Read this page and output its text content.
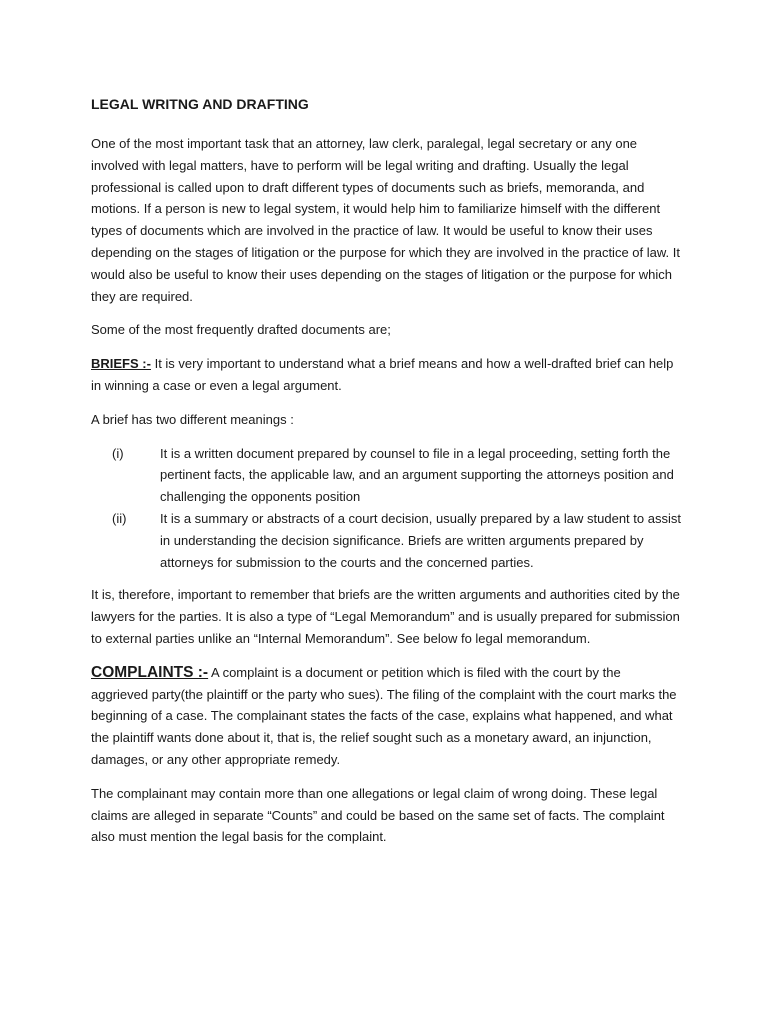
LEGAL WRITNG AND DRAFTING

One of the most important task that an attorney, law clerk, paralegal, legal secretary or any one involved with legal matters, have to perform will be legal writing and drafting. Usually the legal professional is called upon to draft different types of documents such as briefs, memoranda, and motions. If a person is new to legal system, it would help him to familiarize himself with the different types of documents which are involved in the practice of law. It would be useful to know their uses depending on the stages of litigation or the purpose for which they are involved in the practice of law. It would also be useful to know their uses depending on the stages of litigation or the purpose for which they are required.

Some of the most frequently drafted documents are;

BRIEFS :- It is very important to understand what a brief means and how a well-drafted brief can help in winning a case or even a legal argument.

A brief has two different meanings :

(i)	It is a written document prepared by counsel to file in a legal proceeding, setting forth the pertinent facts, the applicable law, and an argument supporting the attorneys position and challenging the opponents position
(ii)	It is a summary or abstracts of a court decision, usually prepared by a law student to assist in understanding the decision significance. Briefs are written arguments prepared by attorneys for submission to the courts and the concerned parties.

It is, therefore, important to remember that briefs are the written arguments and authorities cited by the lawyers for the parties. It is also a type of “Legal Memorandum” and is usually prepared for submission to external parties unlike an “Internal Memorandum”. See below fo legal memorandum.

COMPLAINTS :- A complaint is a document or petition which is filed with the court by the aggrieved party(the plaintiff or the party who sues). The filing of the complaint with the court marks the beginning of a case. The complainant states the facts of the case, explains what happened, and what the plaintiff wants done about it, that is, the relief sought such as a monetary award, an injunction, damages, or any other appropriate remedy.

The complainant may contain more than one allegations or legal claim of wrong doing. These legal claims are alleged in separate “Counts” and could be based on the same set of facts. The complaint also must mention the legal basis for the complaint.
